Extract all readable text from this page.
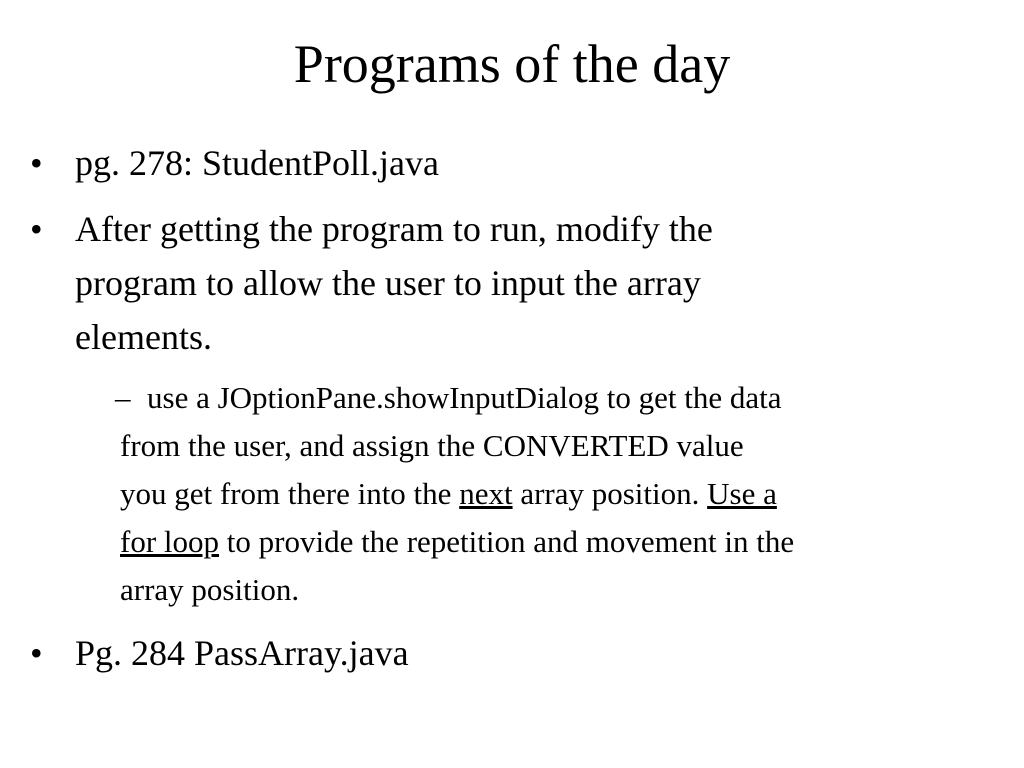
Programs of the day
• pg. 278: StudentPoll.java
• After getting the program to run, modify the
program to allow the user to input the array
elements.
– use a JOptionPane.showInputDialog to get the data
from the user, and assign the CONVERTED value
you get from there into the next array position. Use a
for loop to provide the repetition and movement in the
array position.
• Pg. 284 PassArray.java
